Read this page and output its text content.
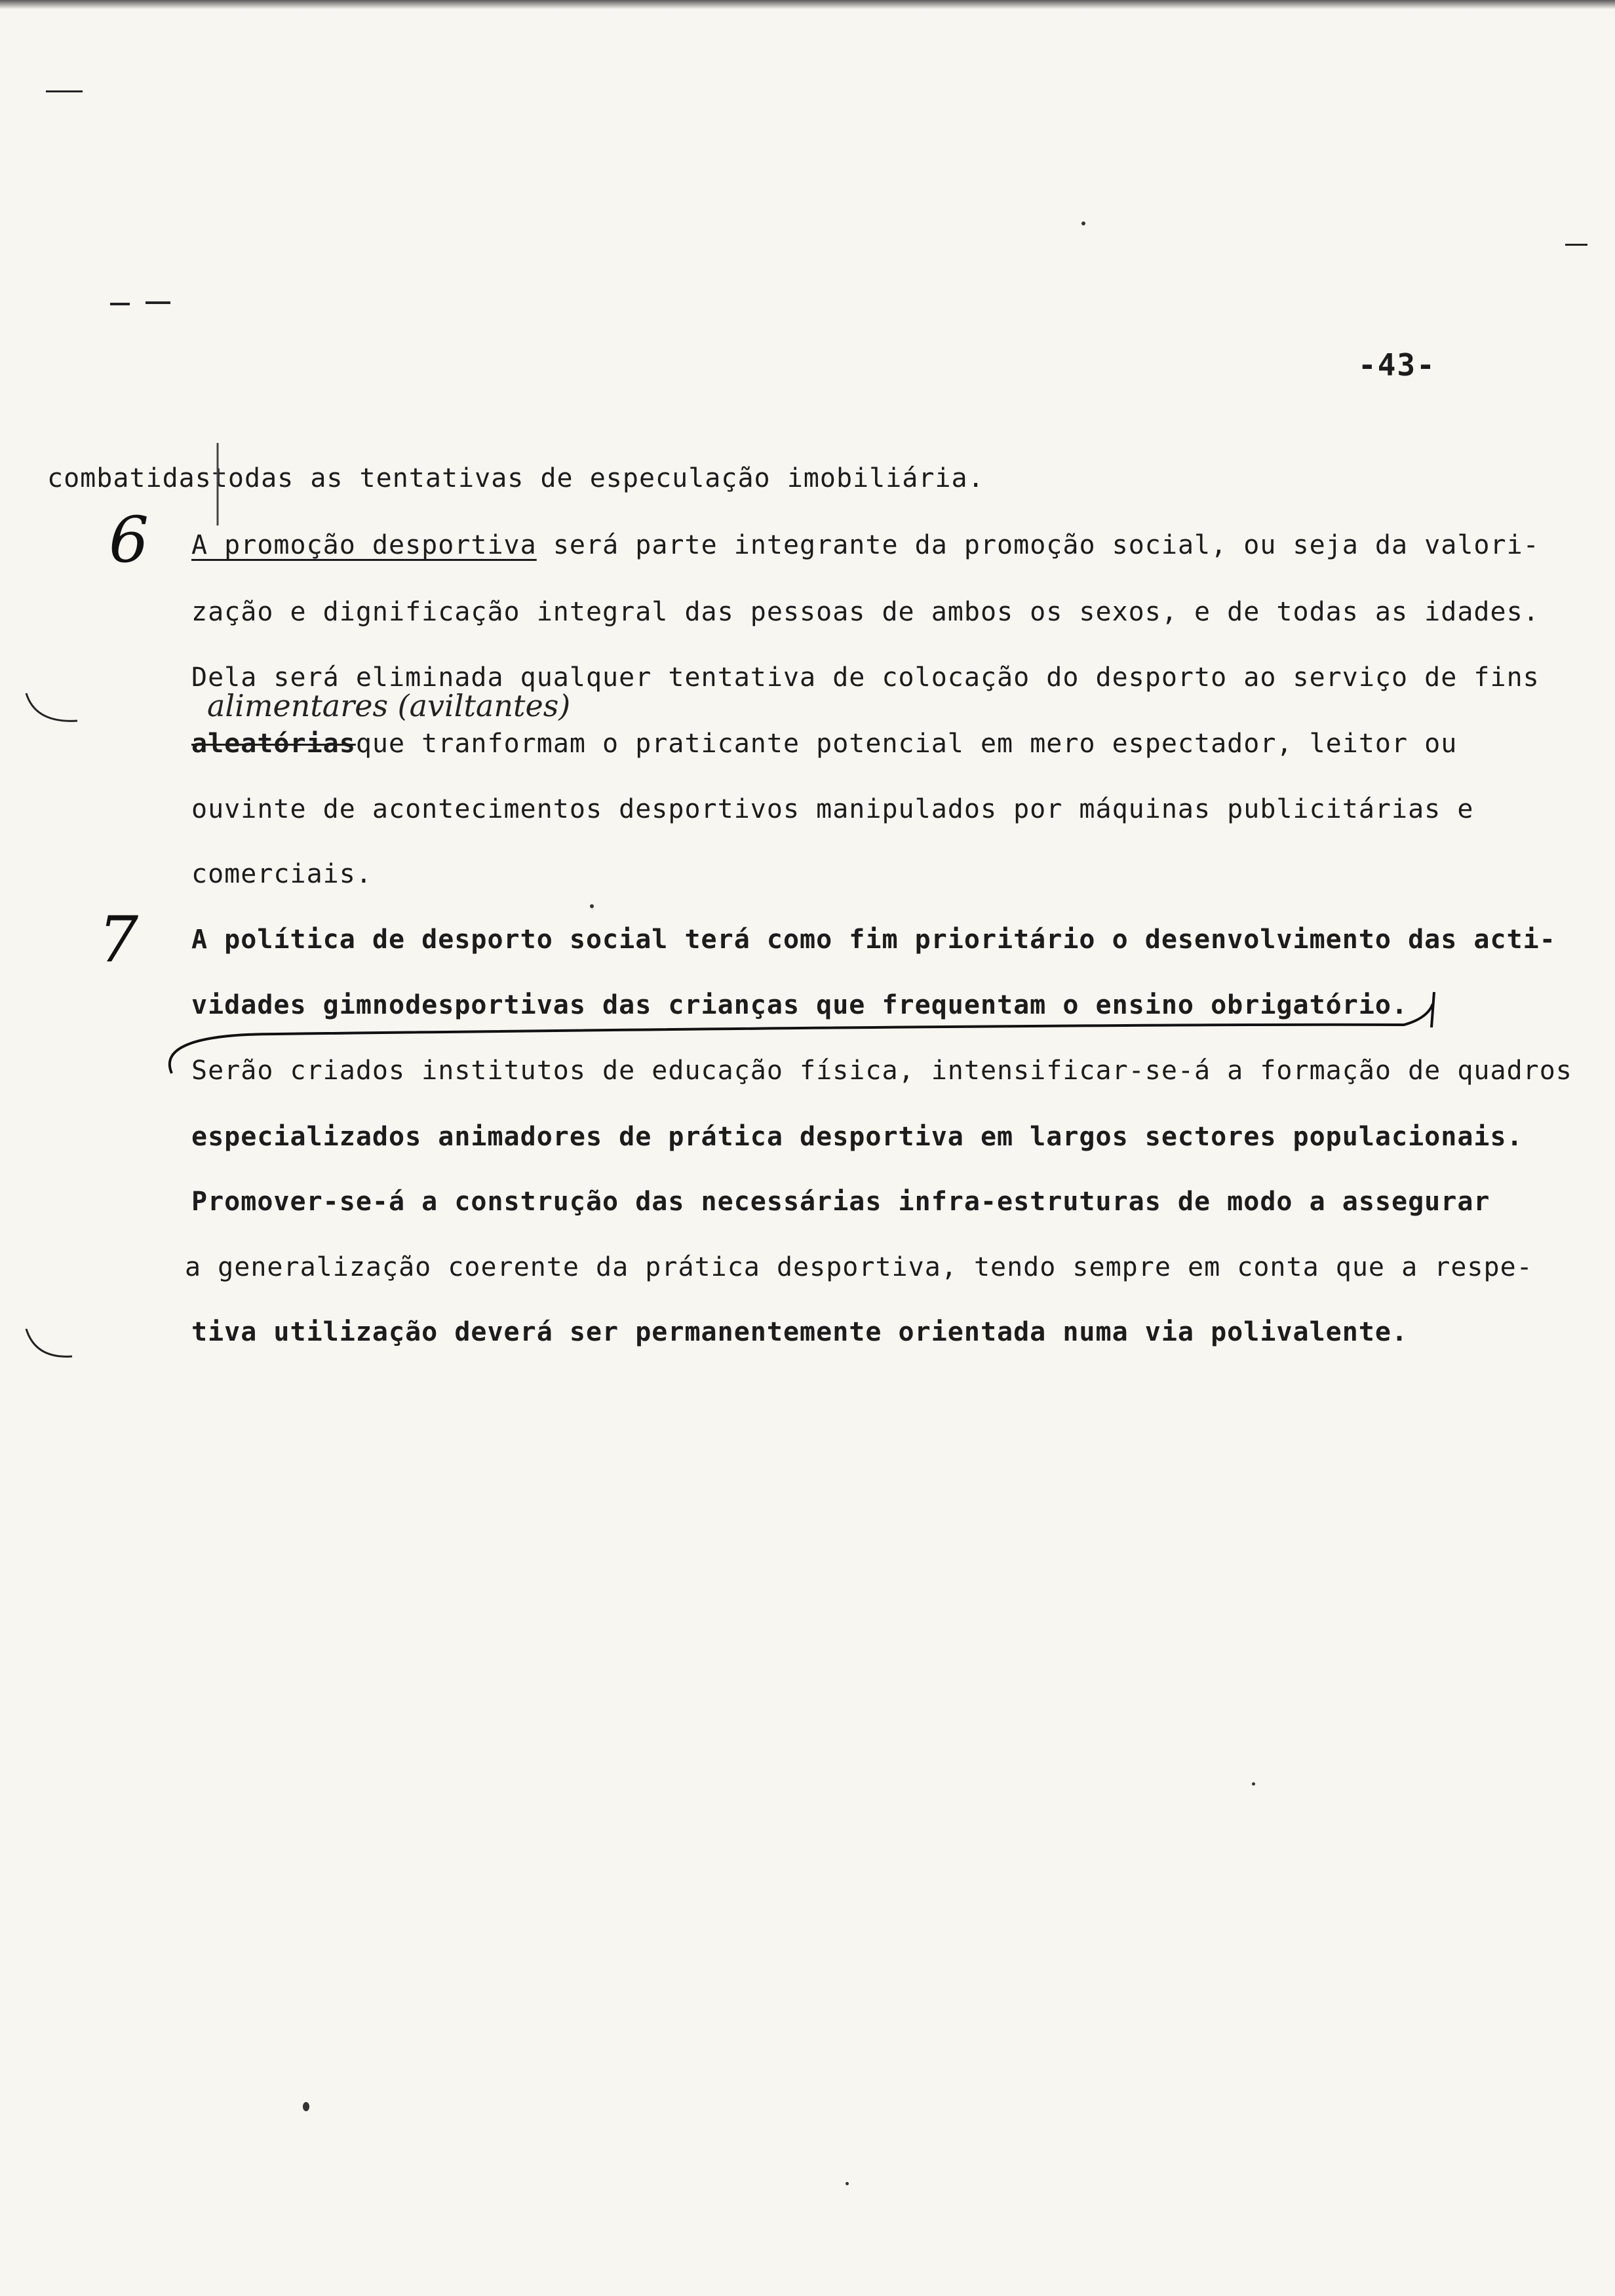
-43-
combatidastodas as tentativas de especulação imobiliária.
6 A promoção desportiva será parte integrante da promoção social, ou seja da valori-
zação e dignificação integral das pessoas de ambos os sexos, e de todas as idades.
Dela será eliminada qualquer tentativa de colocação do desporto ao serviço de fins
alimentares (aviltantes)
aleatóriasque tranformam o praticante potencial em mero espectador, leitor ou
ouvinte de acontecimentos desportivos manipulados por máquinas publicitárias e
comerciais.
7 A política de desporto social terá como fim prioritário o desenvolvimento das acti-
vidades gimnodesportivas das crianças que frequentam o ensino obrigatório.
Serão criados institutos de educação física, intensificar-se-á a formação de quadros
especializados animadores de prática desportiva em largos sectores populacionais.
Promover-se-á a construção das necessárias infra-estruturas de modo a assegurar
a generalização coerente da prática desportiva, tendo sempre em conta que a respe-
tiva utilização deverá ser permanentemente orientada numa via polivalente.
